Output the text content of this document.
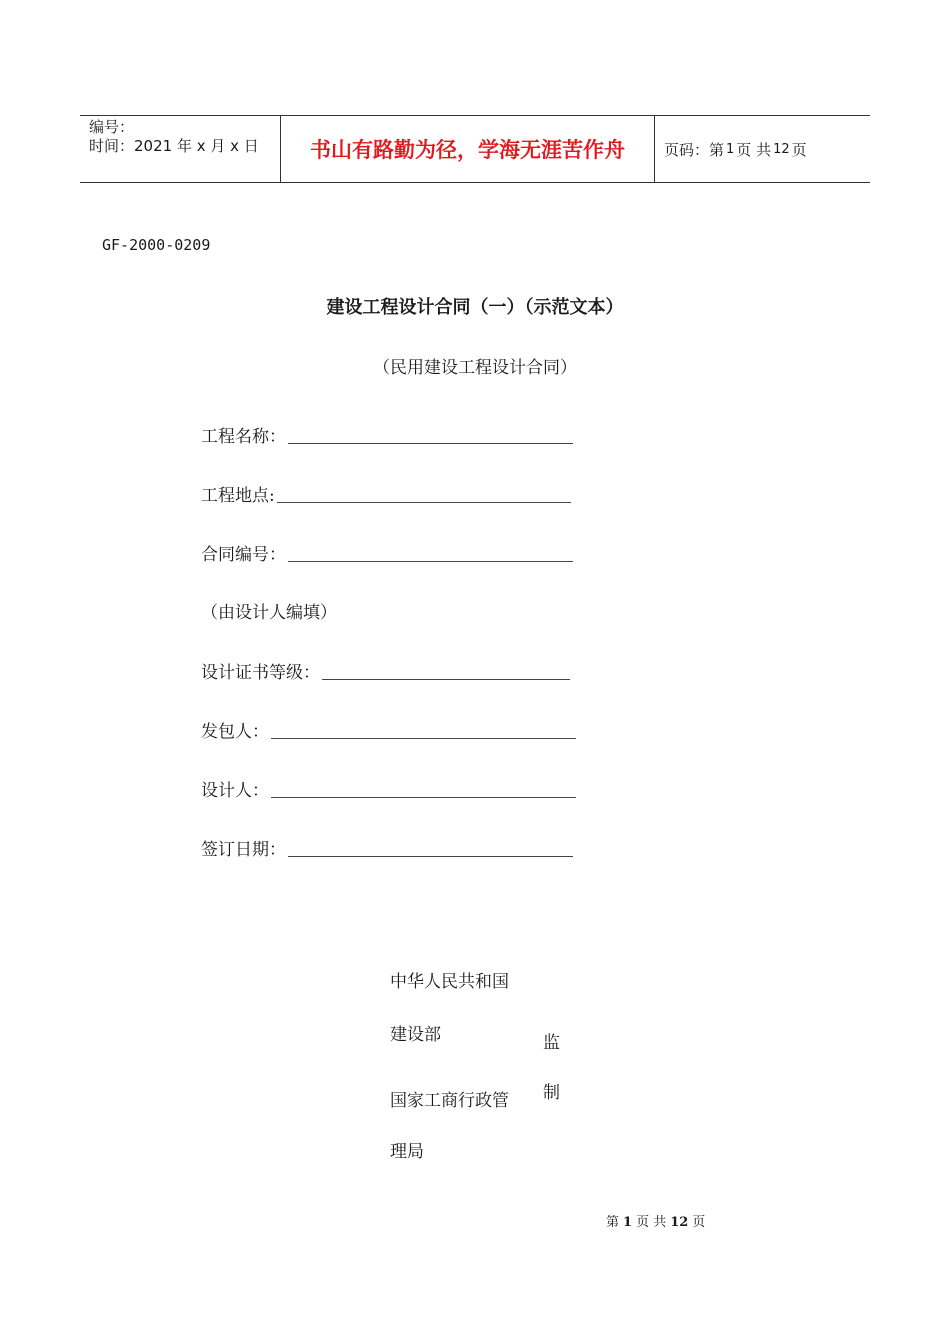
编号：
时间：2021 年 x 月 x 日	书山有路勤为径，学海无涯苦作舟	页码：第 1 页 共 12 页
GF-2000-0209
建设工程设计合同（一）（示范文本）
（民用建设工程设计合同）
工程名称：
工程地点:
合同编号：
（由设计人编填）
设计证书等级：
发包人：
设计人：
签订日期：
中华人民共和国
建设部
国家工商行政管
理局
监
制
第 1 页 共 12 页
